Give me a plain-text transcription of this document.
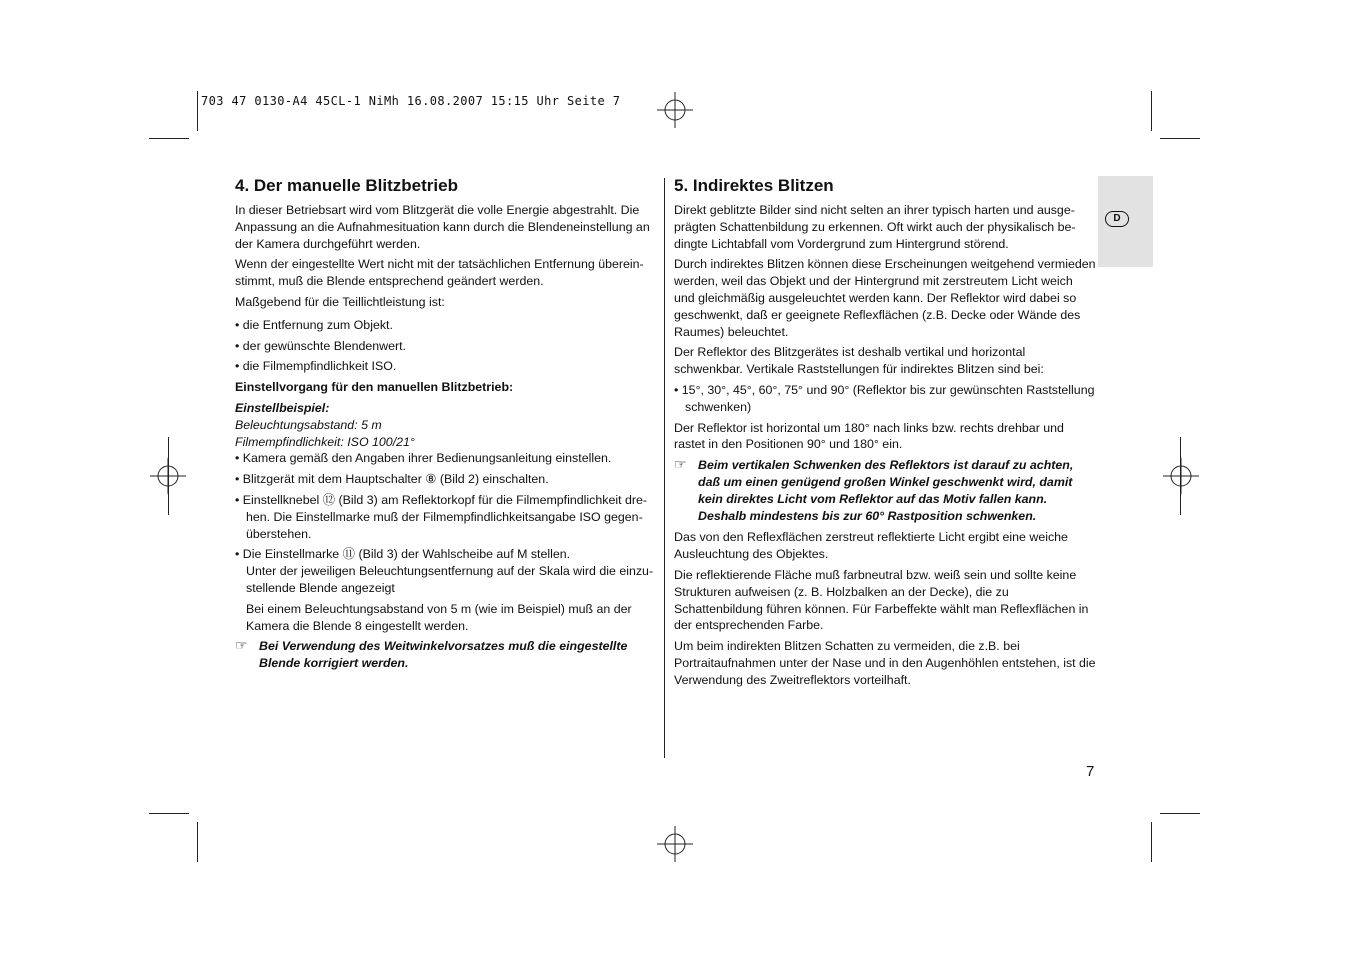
703 47 0130-A4 45CL-1 NiMh 16.08.2007 15:15 Uhr Seite 7
D
4. Der manuelle Blitzbetrieb

In dieser Betriebsart wird vom Blitzgerät die volle Energie abgestrahlt. Die Anpassung an die Aufnahmesituation kann durch die Blendeneinstellung an der Kamera durchgeführt werden.

Wenn der eingestellte Wert nicht mit der tatsächlichen Entfernung übereinstimmt, muß die Blende entsprechend geändert werden.

Maßgebend für die Teillichtleistung ist:

• die Entfernung zum Objekt.

• der gewünschte Blendenwert.

• die Filmempfindlichkeit ISO.

Einstellvorgang für den manuellen Blitzbetrieb:

Einstellbeispiel:

Beleuchtungsabstand: 5 m

Filmempfindlichkeit: ISO 100/21°

• Kamera gemäß den Angaben ihrer Bedienungsanleitung einstellen.

• Blitzgerät mit dem Hauptschalter ⑧ (Bild 2) einschalten.

• Einstellknebel ⑫ (Bild 3) am Reflektorkopf für die Filmempfindlichkeit drehen. Die Einstellmarke muß der Filmempfindlichkeitsangabe ISO gegenüberstehen.

• Die Einstellmarke ⑪ (Bild 3) der Wahlscheibe auf M stellen.

Unter der jeweiligen Beleuchtungsentfernung auf der Skala wird die einzustellende Blende angezeigt

Bei einem Beleuchtungsabstand von 5 m (wie im Beispiel) muß an der Kamera die Blende 8 eingestellt werden.

☞ Bei Verwendung des Weitwinkelvorsatzes muß die eingestellte Blende korrigiert werden.
5. Indirektes Blitzen

Direkt geblitzte Bilder sind nicht selten an ihrer typisch harten und ausgeprägten Schattenbildung zu erkennen. Oft wirkt auch der physikalisch bedingte Lichtabfall vom Vordergrund zum Hintergrund störend.

Durch indirektes Blitzen können diese Erscheinungen weitgehend vermieden werden, weil das Objekt und der Hintergrund mit zerstreutem Licht weich und gleichmäßig ausgeleuchtet werden kann. Der Reflektor wird dabei so geschwenkt, daß er geeignete Reflexflächen (z.B. Decke oder Wände des Raumes) beleuchtet.

Der Reflektor des Blitzgerätes ist deshalb vertikal und horizontal schwenkbar. Vertikale Raststellungen für indirektes Blitzen sind bei:

• 15°, 30°, 45°, 60°, 75° und 90° (Reflektor bis zur gewünschten Raststellung schwenken)

Der Reflektor ist horizontal um 180° nach links bzw. rechts drehbar und rastet in den Positionen 90° und 180° ein.

☞ Beim vertikalen Schwenken des Reflektors ist darauf zu achten, daß um einen genügend großen Winkel geschwenkt wird, damit kein direktes Licht vom Reflektor auf das Motiv fallen kann. Deshalb mindestens bis zur 60° Rastposition schwenken.

Das von den Reflexflächen zerstreut reflektierte Licht ergibt eine weiche Ausleuchtung des Objektes.

Die reflektierende Fläche muß farbneutral bzw. weiß sein und sollte keine Strukturen aufweisen (z. B. Holzbalken an der Decke), die zu Schattenbildung führen können. Für Farbeffekte wählt man Reflexflächen in der entsprechenden Farbe.

Um beim indirekten Blitzen Schatten zu vermeiden, die z.B. bei Portraitaufnahmen unter der Nase und in den Augenhöhlen entstehen, ist die Verwendung des Zweitreflektors vorteilhaft.

7
